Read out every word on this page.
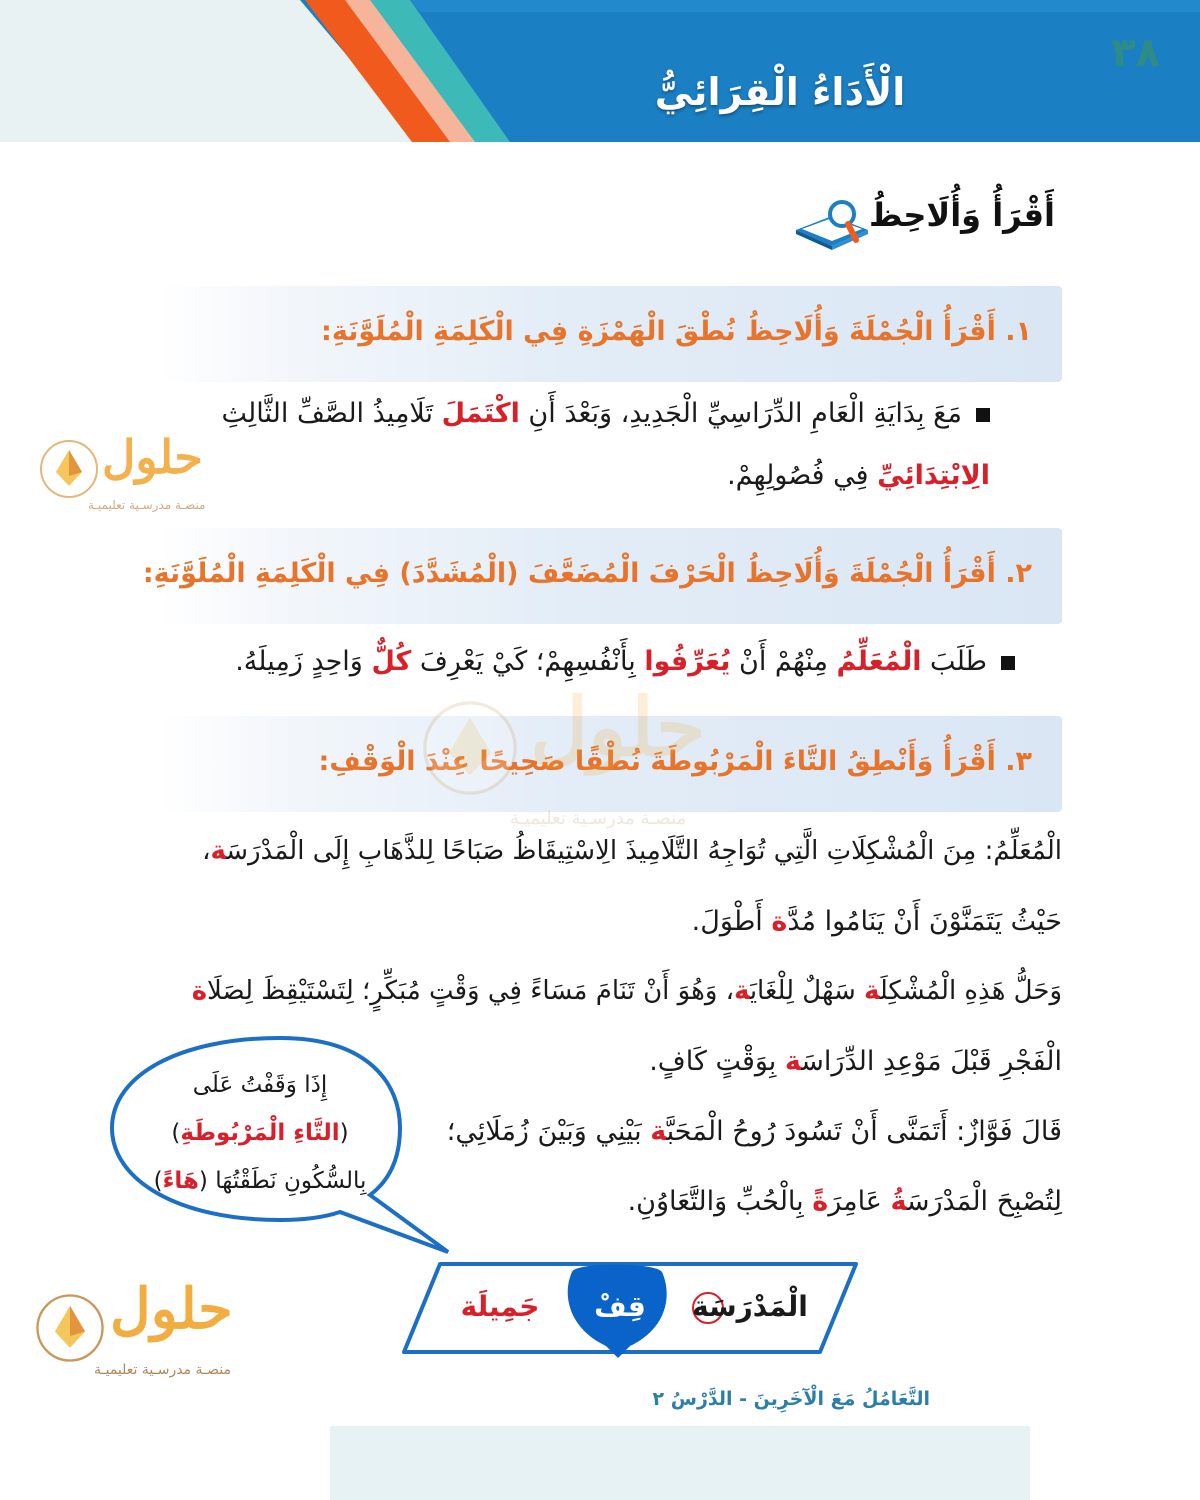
٣٨
الْأَدَاءُ الْقِرَائِيُّ
أَقْرَأُ وَأُلَاحِظُ
١. أَقْرَأُ الْجُمْلَةَ وَأُلَاحِظُ نُطْقَ الْهَمْزَةِ فِي الْكَلِمَةِ الْمُلَوَّنَةِ:
مَعَ بِدَايَةِ الْعَامِ الدِّرَاسِيِّ الْجَدِيدِ، وَبَعْدَ أَنِ اكْتَمَلَ تَلَامِيذُ الصَّفِّ الثَّالِثِ
الِابْتِدَائِيِّ فِي فُصُولِهِمْ.
٢. أَقْرَأُ الْجُمْلَةَ وَأُلَاحِظُ الْحَرْفَ الْمُضَعَّفَ (الْمُشَدَّدَ) فِي الْكَلِمَةِ الْمُلَوَّنَةِ:
طَلَبَ الْمُعَلِّمُ مِنْهُمْ أَنْ يُعَرِّفُوا بِأَنْفُسِهِمْ؛ كَيْ يَعْرِفَ كُلٌّ وَاحِدٍ زَمِيلَهُ.
٣. أَقْرَأُ وَأَنْطِقُ التَّاءَ الْمَرْبُوطَةَ نُطْقًا صَحِيحًا عِنْدَ الْوَقْفِ:
الْمُعَلِّمُ: مِنَ الْمُشْكِلَاتِ الَّتِي تُوَاجِهُ التَّلَامِيذَ الِاسْتِيقَاظُ صَبَاحًا لِلذَّهَابِ إِلَى الْمَدْرَسَة،
حَيْثُ يَتَمَنَّوْنَ أَنْ يَنَامُوا مُدَّة أَطْوَلَ.
وَحَلُّ هَذِهِ الْمُشْكِلَة سَهْلٌ لِلْغَايَة، وَهُوَ أَنْ تَنَامَ مَسَاءً فِي وَقْتٍ مُبَكِّرٍ؛ لِتَسْتَيْقِظَ لِصَلَاة
الْفَجْرِ قَبْلَ مَوْعِدِ الدِّرَاسَة بِوَقْتٍ كَافٍ.
قَالَ فَوَّازٌ: أَتَمَنَّى أَنْ تَسُودَ رُوحُ الْمَحَبَّة بَيْنِي وَبَيْنَ زُمَلَائِي؛
لِتُصْبِحَ الْمَدْرَسَةُ عَامِرَةً بِالْحُبِّ وَالتَّعَاوُنِ.
إِذَا وَقَفْتُ عَلَى
(التَّاءِ الْمَرْبُوطَةِ)
بِالسُّكُونِ نَطَقْتُهَا (هَاءً)
الْمَدْرَسَة
قِفْ
جَمِيلَة
حلول
منصـة مدرسـية تعليميـة
حلول
منصـة مدرسـية تعليميـة
حلول
منصـة مدرسـية تعليميـة
التَّعَامُلُ مَعَ الْآخَرِينَ - الدَّرْسُ ٢
